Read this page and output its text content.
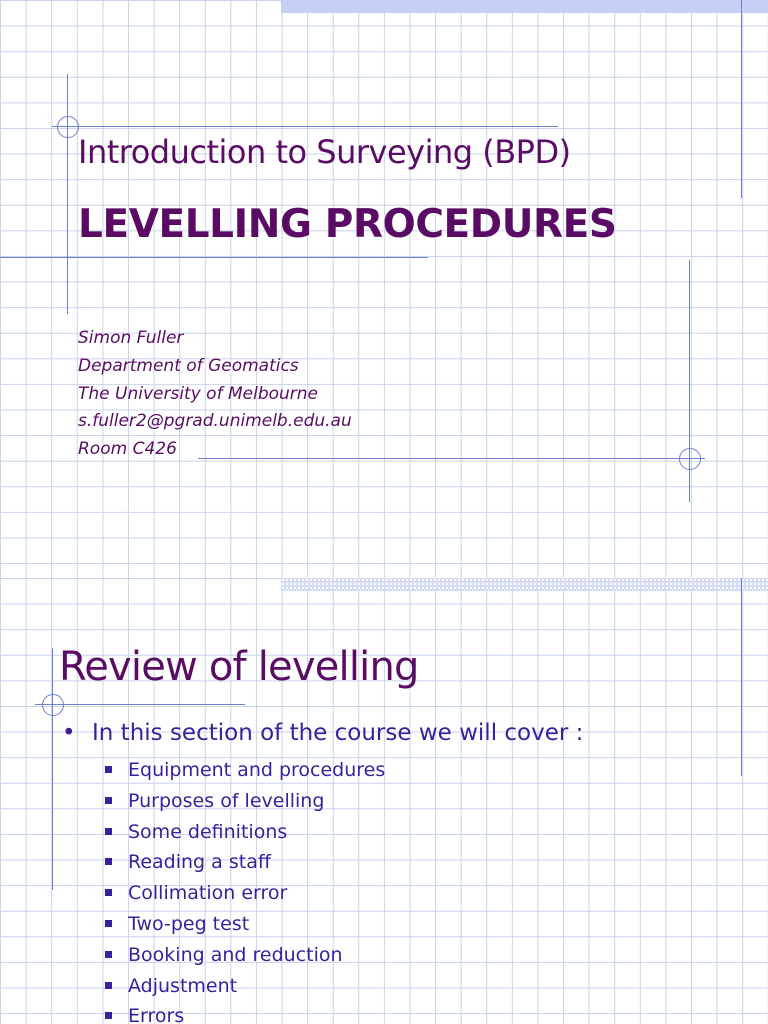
Introduction to Surveying (BPD)
LEVELLING PROCEDURES
Simon Fuller
Department of Geomatics
The University of Melbourne
s.fuller2@pgrad.unimelb.edu.au
Room C426
Review of levelling
• In this section of the course we will cover :
Equipment and procedures
Purposes of levelling
Some definitions
Reading a staff
Collimation error
Two-peg test
Booking and reduction
Adjustment
Errors
